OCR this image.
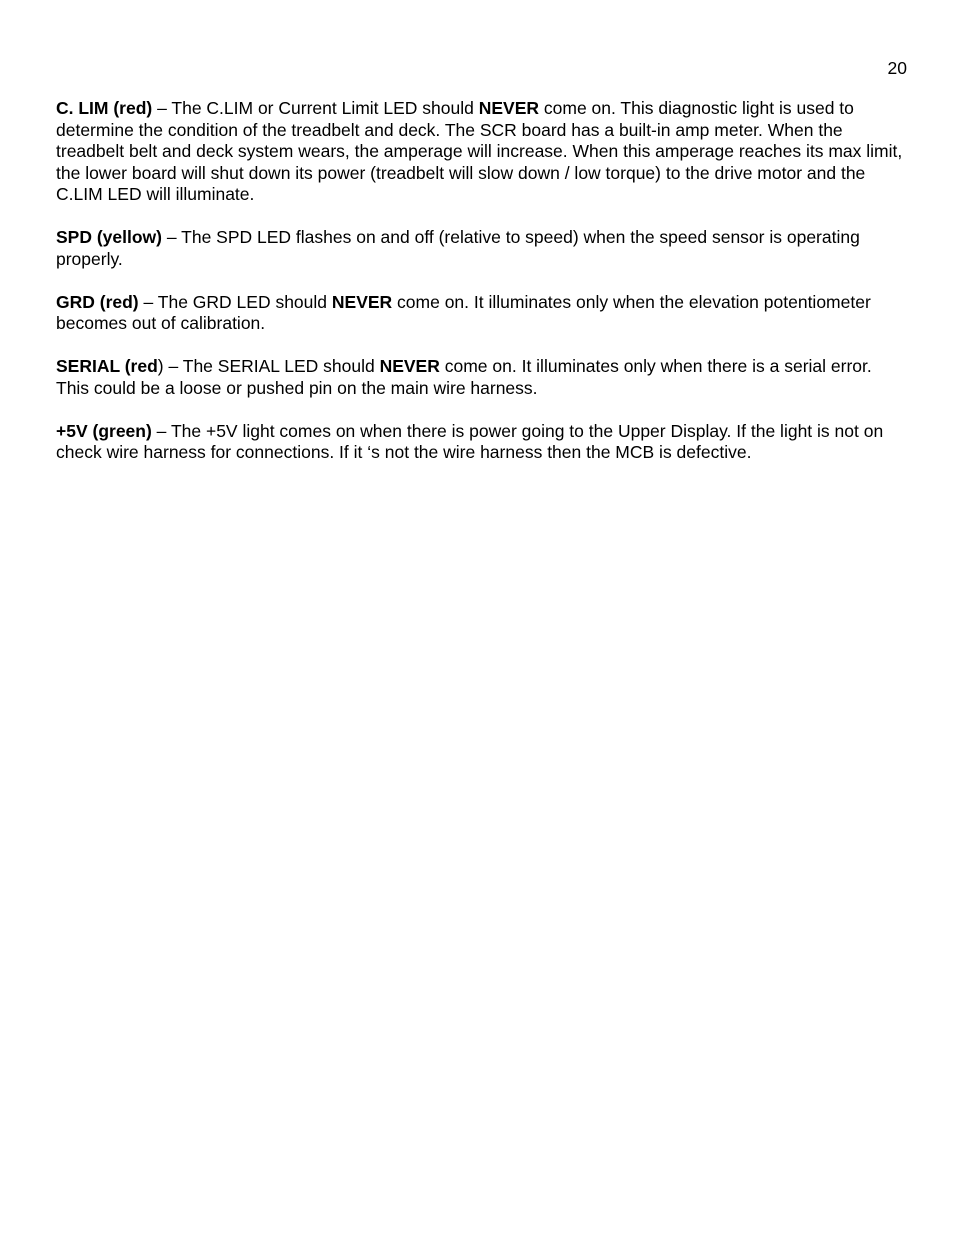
20

C. LIM (red) – The C.LIM or Current Limit LED should NEVER come on. This diagnostic light is used to determine the condition of the treadbelt and deck. The SCR board has a built-in amp meter. When the treadbelt belt and deck system wears, the amperage will increase. When this amperage reaches its max limit, the lower board will shut down its power (treadbelt will slow down / low torque) to the drive motor and the C.LIM LED will illuminate.

SPD (yellow) – The SPD LED flashes on and off (relative to speed) when the speed sensor is operating properly.

GRD (red) – The GRD LED should NEVER come on. It illuminates only when the elevation potentiometer becomes out of calibration.

SERIAL (red) – The SERIAL LED should NEVER come on. It illuminates only when there is a serial error. This could be a loose or pushed pin on the main wire harness.

+5V (green) – The +5V light comes on when there is power going to the Upper Display. If the light is not on check wire harness for connections. If it ‘s not the wire harness then the MCB is defective.
